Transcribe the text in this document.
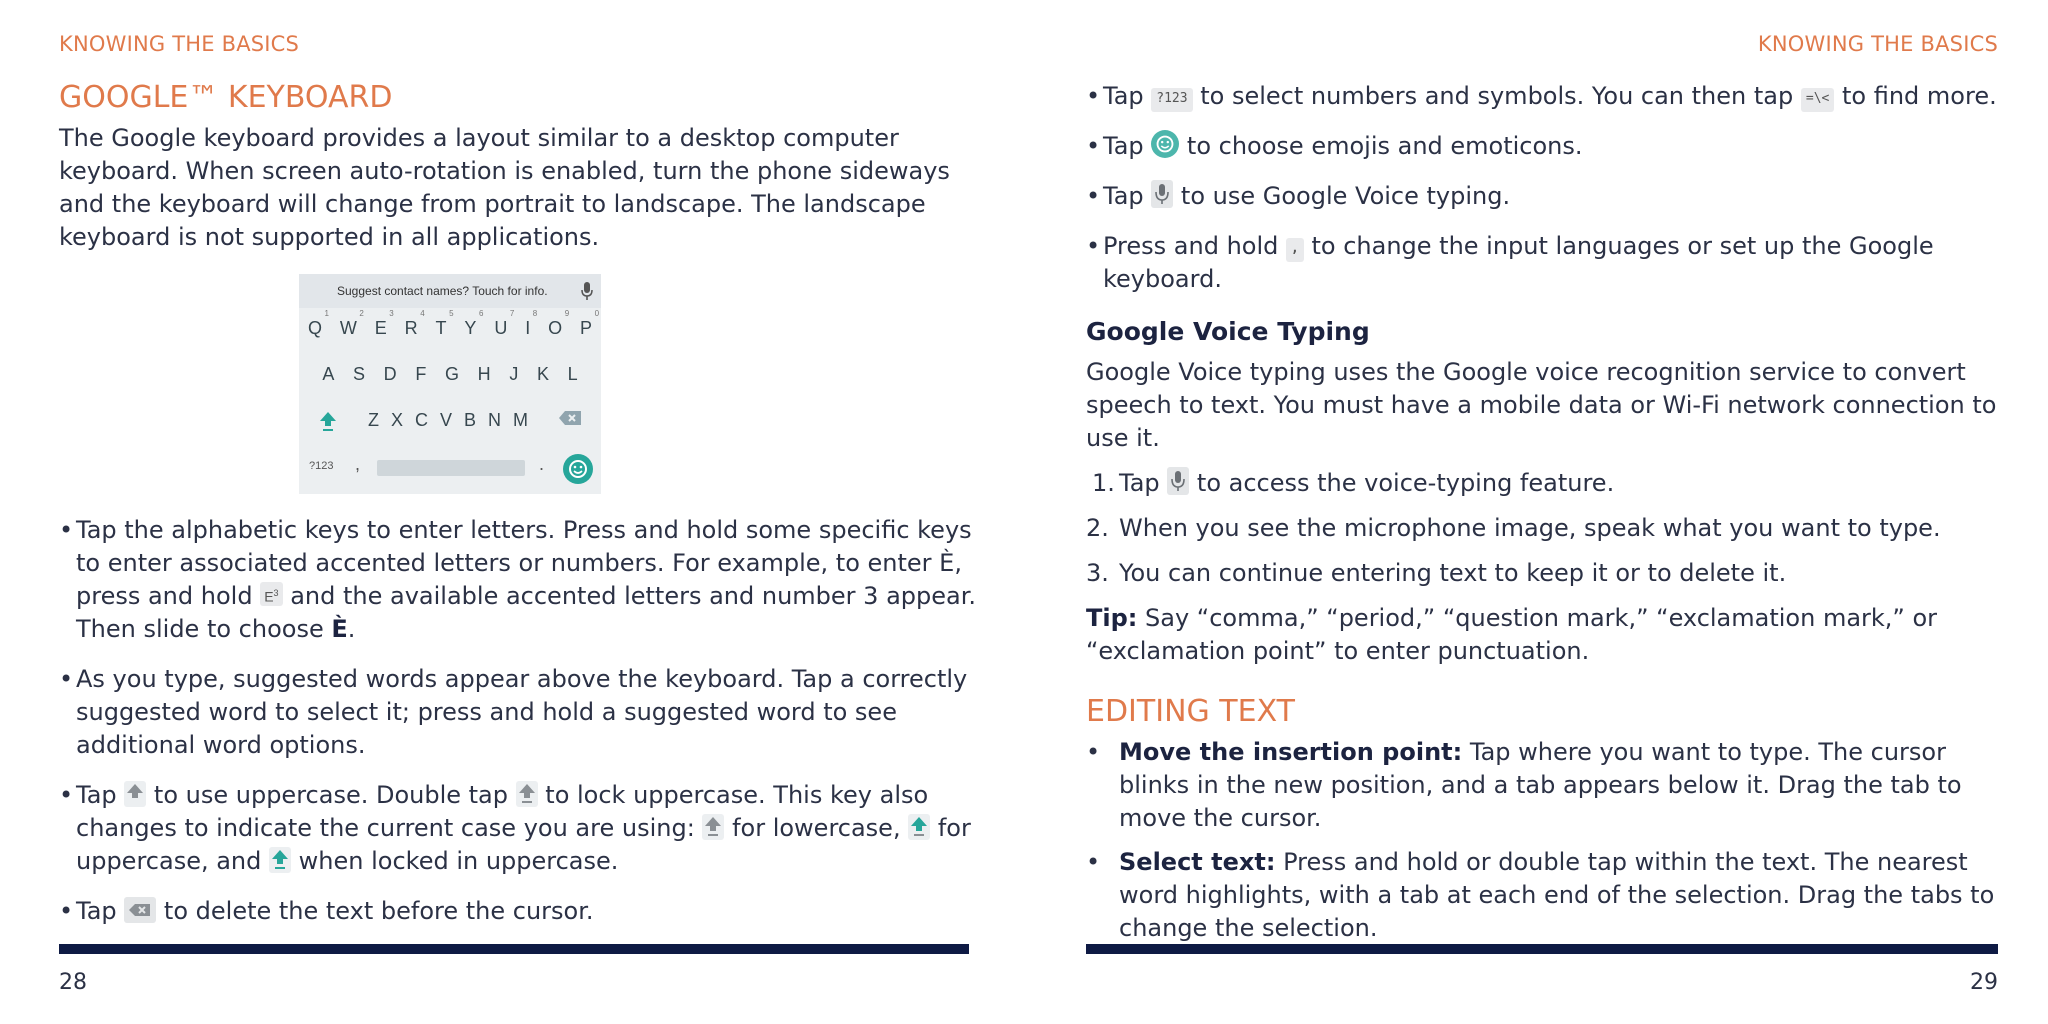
KNOWING THE BASICS
GOOGLE™ KEYBOARD

The Google keyboard provides a layout similar to a desktop computer keyboard. When screen auto-rotation is enabled, turn the phone sideways and the keyboard will change from portrait to landscape. The landscape keyboard is not supported in all applications.

Suggest contact names? Touch for info.
Q
1
W
2
E
3
R
4
T
5
Y
6
U
7
I
8
O
9
P
0
A S D F G H J K L
Z X C V B N M
?123 ,	.
• Tap the alphabetic keys to enter letters. Press and hold some specific keys to enter associated accented letters or numbers. For example, to enter È, press and hold $E^3$ and the available accented letters and number 3 appear. Then slide to choose È.
• As you type, suggested words appear above the keyboard. Tap a correctly suggested word to select it; press and hold a suggested word to see additional word options.
• Tap to use uppercase. Double tap to lock uppercase. This key also changes to indicate the current case you are using: for lowercase, for uppercase, and when locked in uppercase.
• Tap to delete the text before the cursor.
28
KNOWING THE BASICS
• Tap ?123 to select numbers and symbols. You can then tap =\< to find more.
• Tap to choose emojis and emoticons.
• Tap to use Google Voice typing.
• Press and hold , to change the input languages or set up the Google keyboard.
Google Voice Typing

Google Voice typing uses the Google voice recognition service to convert speech to text. You must have a mobile data or Wi-Fi network connection to use it.

1. Tap to access the voice-typing feature.
2. When you see the microphone image, speak what you want to type.
3. You can continue entering text to keep it or to delete it.

Tip: Say “comma,” “period,” “question mark,” “exclamation mark,” or “exclamation point” to enter punctuation.

EDITING TEXT
• Move the insertion point: Tap where you want to type. The cursor blinks in the new position, and a tab appears below it. Drag the tab to move the cursor.
• Select text: Press and hold or double tap within the text. The nearest word highlights, with a tab at each end of the selection. Drag the tabs to change the selection.
29
